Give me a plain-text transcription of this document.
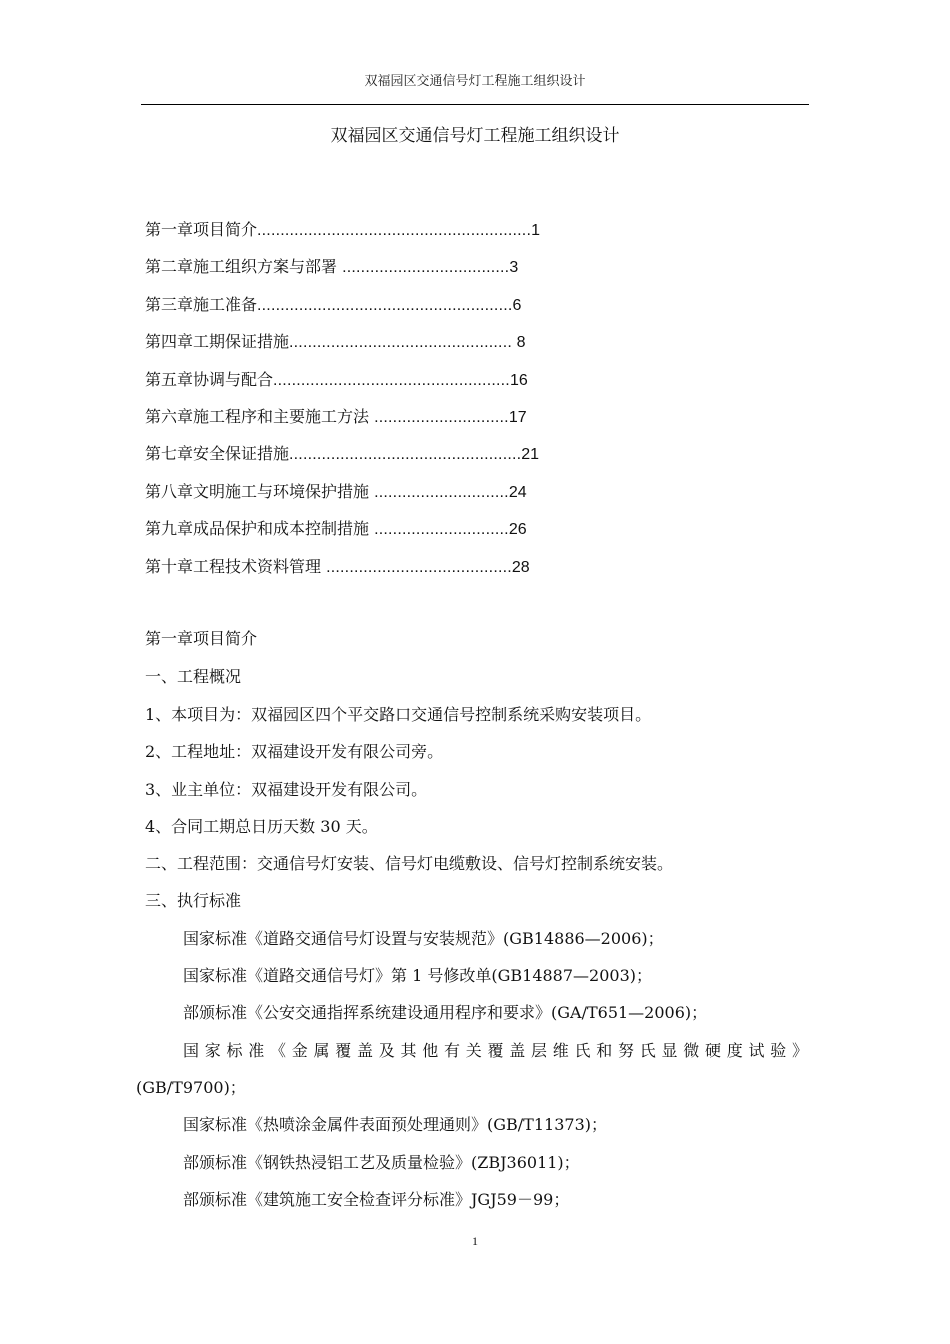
双福园区交通信号灯工程施工组织设计
双福园区交通信号灯工程施工组织设计
第一章项目简介...........................................................1
第二章施工组织方案与部署 ....................................3
第三章施工准备.......................................................6
第四章工期保证措施................................................ 8
第五章协调与配合...................................................16
第六章施工程序和主要施工方法 .............................17
第七章安全保证措施..................................................21
第八章文明施工与环境保护措施 .............................24
第九章成品保护和成本控制措施 .............................26
第十章工程技术资料管理 ........................................28
第一章项目简介
一、工程概况
1、本项目为：双福园区四个平交路口交通信号控制系统采购安装项目。
2、工程地址：双福建设开发有限公司旁。
3、业主单位：双福建设开发有限公司。
4、合同工期总日历天数 30 天。
二、工程范围：交通信号灯安装、信号灯电缆敷设、信号灯控制系统安装。
三、执行标准
国家标准《道路交通信号灯设置与安装规范》(GB14886—2006)；
国家标准《道路交通信号灯》第 1 号修改单(GB14887—2003)；
部颁标准《公安交通指挥系统建设通用程序和要求》(GA/T651—2006)；
国家标准《金属覆盖及其他有关覆盖层维氏和努氏显微硬度试验》
(GB/T9700)；
国家标准《热喷涂金属件表面预处理通则》(GB/T11373)；
部颁标准《钢铁热浸铝工艺及质量检验》(ZBJ36011)；
部颁标准《建筑施工安全检查评分标准》JGJ59－99；
1
